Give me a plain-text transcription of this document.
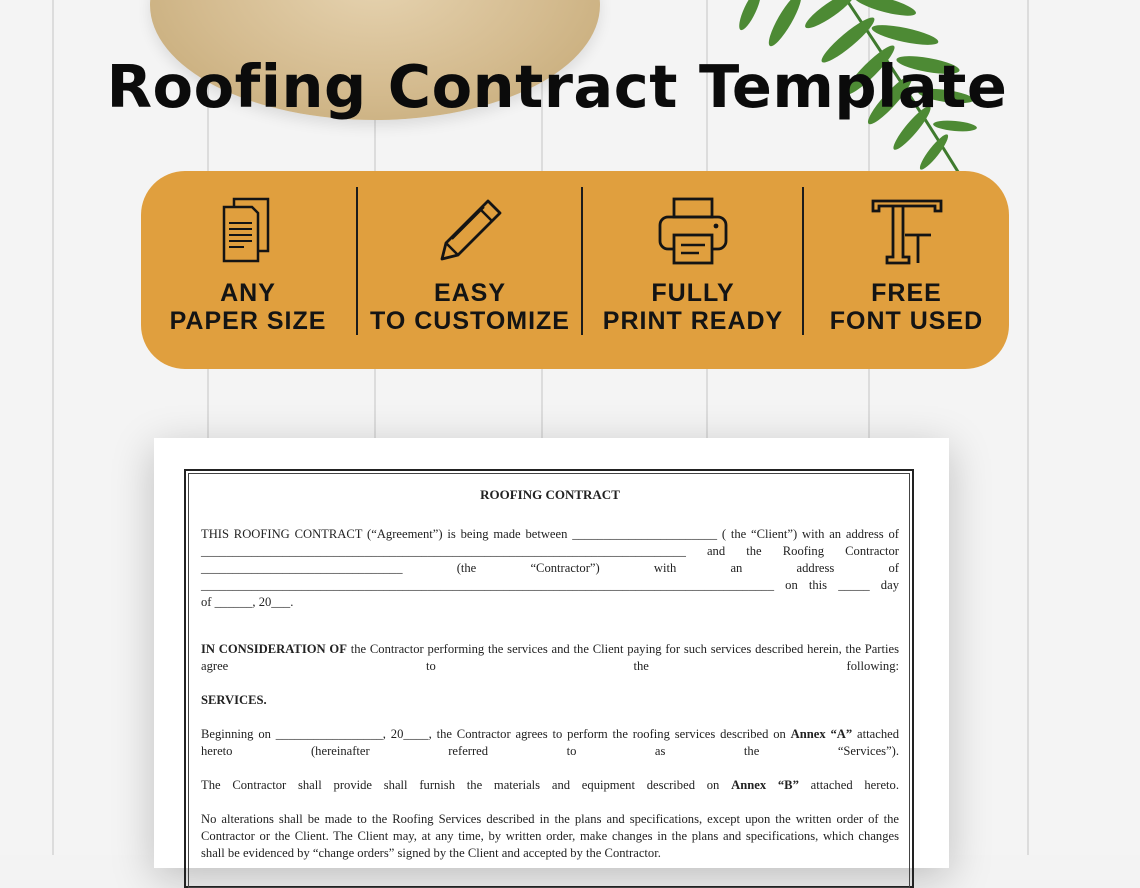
Roofing Contract Template
ANY
PAPER SIZE
EASY
TO CUSTOMIZE
FULLY
PRINT READY
FREE
FONT USED
ROOFING CONTRACT

THIS ROOFING CONTRACT (“Agreement”) is being made between _______________________ ( the “Client”) with an address of

_____________________________________________________________________________ and the Roofing Contractor

________________________________ (the “Contractor”) with an address of

___________________________________________________________________________________________ on this _____ day

of ______, 20___.

IN CONSIDERATION OF the Contractor performing the services and the Client paying for such services described herein, the Parties

agree to the following:

SERVICES.

Beginning on _________________, 20____, the Contractor agrees to perform the roofing services described on Annex “A” attached

hereto (hereinafter referred to as the “Services”).

The Contractor shall provide shall furnish the materials and equipment described on Annex “B” attached hereto.

No alterations shall be made to the Roofing Services described in the plans and specifications, except upon the written order of the

Contractor or the Client. The Client may, at any time, by written order, make changes in the plans and specifications, which changes

shall be evidenced by “change orders” signed by the Client and accepted by the Contractor.
